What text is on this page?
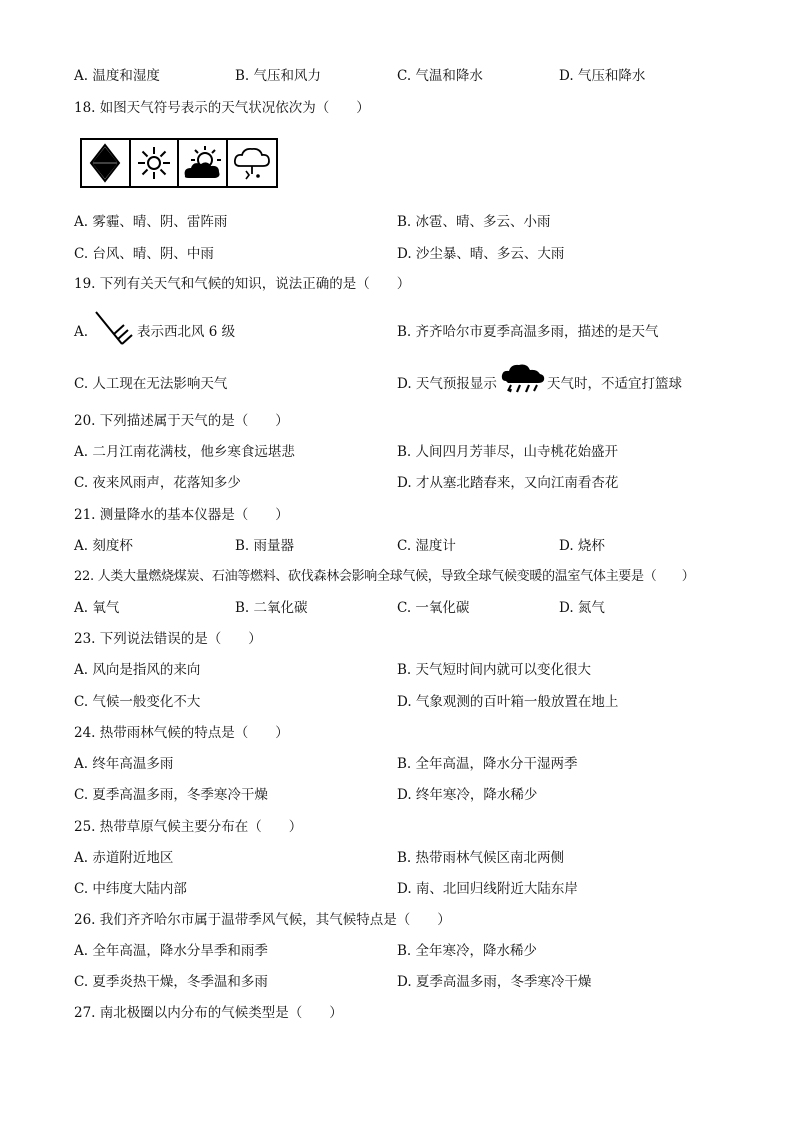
A. 温度和湿度	B. 气压和风力	C. 气温和降水	D. 气压和降水
18. 如图天气符号表示的天气状况依次为（　　）
A. 雾霾、晴、阴、雷阵雨	B. 冰雹、晴、多云、小雨
C. 台风、晴、阴、中雨	D. 沙尘暴、晴、多云、大雨
19. 下列有关天气和气候的知识，说法正确的是（　　）
A.	表示西北风 6 级	B. 齐齐哈尔市夏季高温多雨，描述的是天气
C. 人工现在无法影响天气	D. 天气预报显示	天气时，不适宜打篮球
20. 下列描述属于天气的是（　　）
A. 二月江南花满枝，他乡寒食远堪悲	B. 人间四月芳菲尽，山寺桃花始盛开
C. 夜来风雨声，花落知多少	D. 才从塞北踏春来，又向江南看杏花
21. 测量降水的基本仪器是（　　）
A. 刻度杯	B. 雨量器	C. 湿度计	D. 烧杯
22. 人类大量燃烧煤炭、石油等燃料、砍伐森林会影响全球气候，导致全球气候变暖的温室气体主要是（　　）
A. 氧气	B. 二氧化碳	C. 一氧化碳	D. 氮气
23. 下列说法错误的是（　　）
A. 风向是指风的来向	B. 天气短时间内就可以变化很大
C. 气候一般变化不大	D. 气象观测的百叶箱一般放置在地上
24. 热带雨林气候的特点是（　　）
A. 终年高温多雨	B. 全年高温，降水分干湿两季
C. 夏季高温多雨，冬季寒冷干燥	D. 终年寒冷，降水稀少
25. 热带草原气候主要分布在（　　）
A. 赤道附近地区	B. 热带雨林气候区南北两侧
C. 中纬度大陆内部	D. 南、北回归线附近大陆东岸
26. 我们齐齐哈尔市属于温带季风气候，其气候特点是（　　）
A. 全年高温，降水分旱季和雨季	B. 全年寒冷，降水稀少
C. 夏季炎热干燥，冬季温和多雨	D. 夏季高温多雨，冬季寒冷干燥
27. 南北极圈以内分布的气候类型是（　　）
